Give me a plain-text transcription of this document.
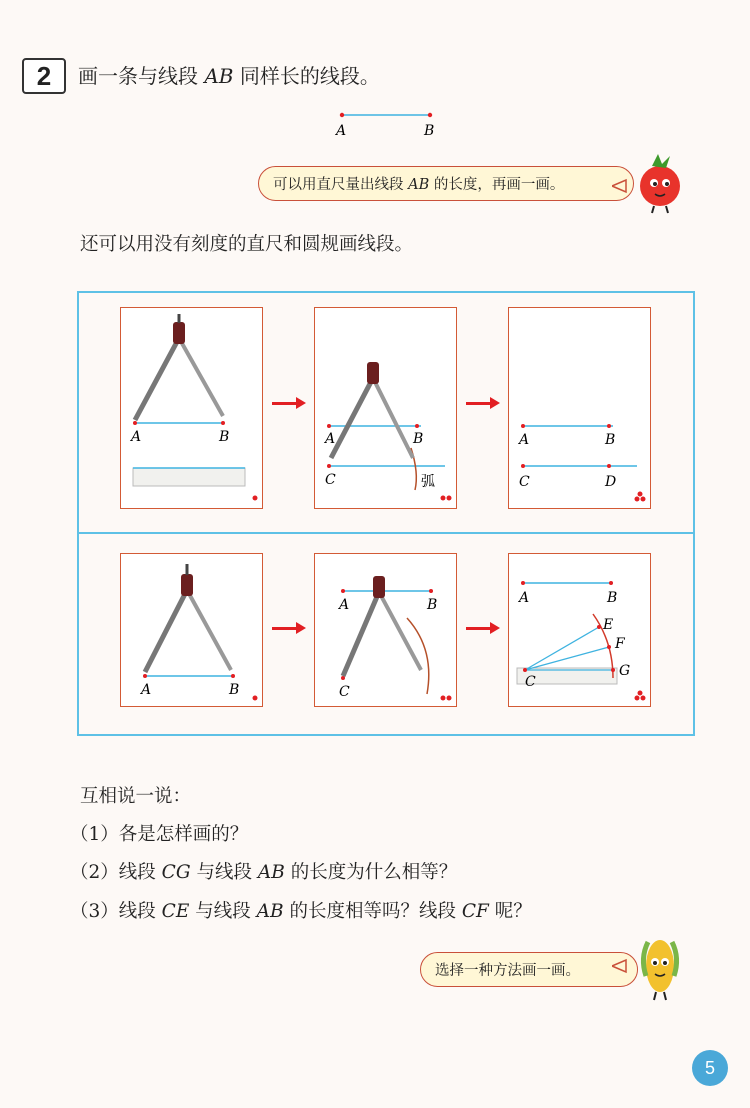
2	画一条与线段 AB 同样长的线段。
A	B
可以用直尺量出线段 AB 的长度，再画一画。
还可以用没有刻度的直尺和圆规画线段。
A	B	A	B
C	弧
A	B
C	D
A	B
A	B
C
A	B
C
E
F
G
互相说一说：
（1）各是怎样画的？
（2）线段 CG 与线段 AB 的长度为什么相等？
（3）线段 CE 与线段 AB 的长度相等吗？线段 CF 呢？
选择一种方法画一画。
5
